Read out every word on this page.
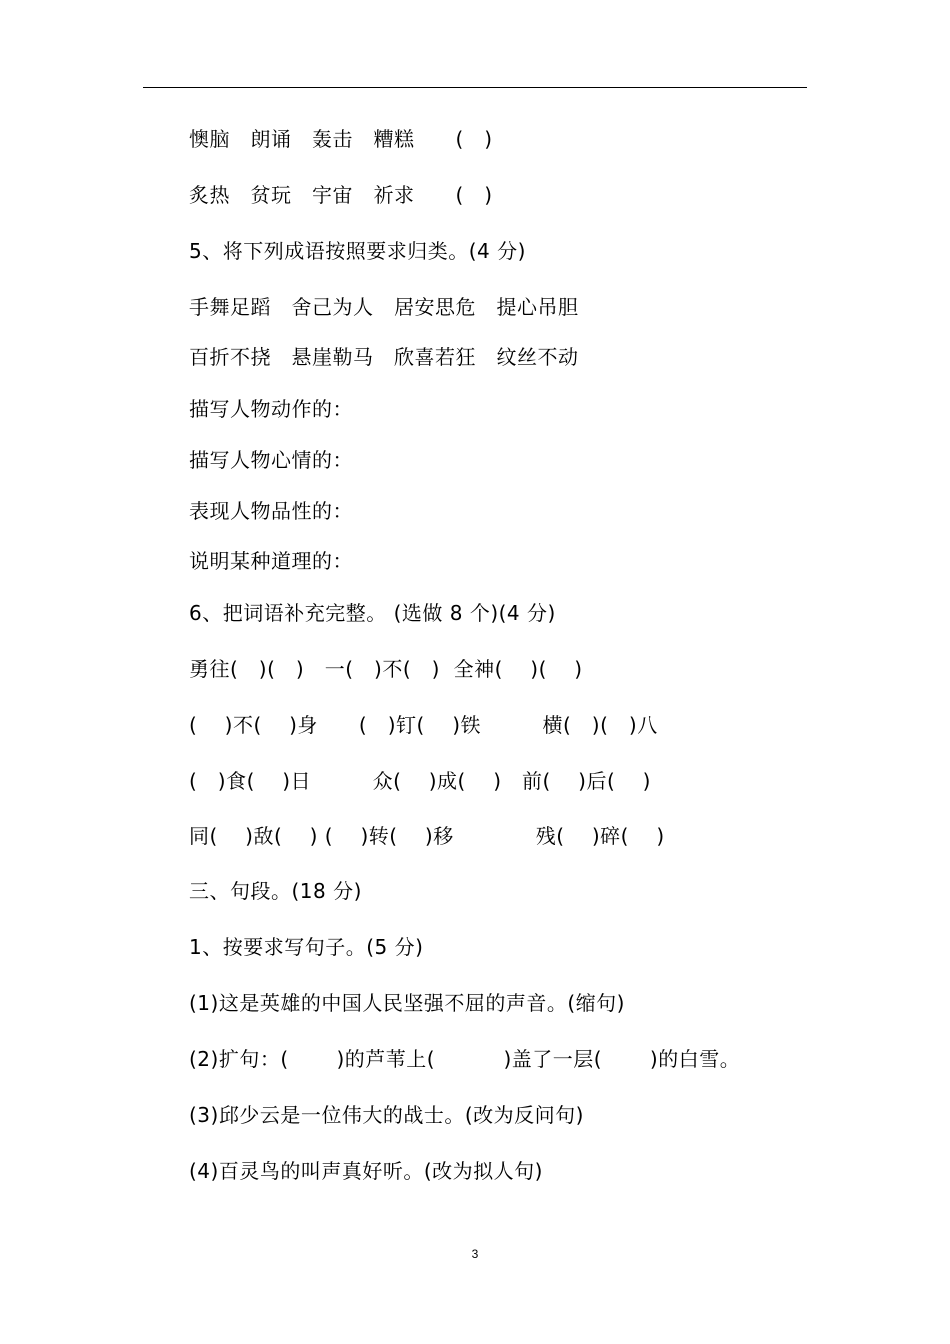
懊脑　朗诵　轰击　糟糕　　(　)
炙热　贫玩　宇宙　祈求　　(　)
5、将下列成语按照要求归类。(4 分)
手舞足蹈　舍己为人　居安思危　提心吊胆
百折不挠　悬崖勒马　欣喜若狂　纹丝不动
描写人物动作的：
描写人物心情的：
表现人物品性的：
说明某种道理的：
6、把词语补充完整。 (选做 8 个)(4 分)
勇往(　)(　)　一(　)不(　)  全神(　 )(　 )
(　 )不(　 )身　　(　)钉(　 )铁　　　横(　)(　)八
(　)食(　 )日　　　众(　 )成(　 )　前(　 )后(　 )
同(　 )敌(　 ) (　 )转(　 )移　　　　残(　 )碎(　 )
三、句段。(18 分)
1、按要求写句子。(5 分)
(1)这是英雄的中国人民坚强不屈的声音。(缩句)
(2)扩句：(　　 )的芦苇上(　　 　)盖了一层(　　 )的白雪。
(3)邱少云是一位伟大的战士。(改为反问句)
(4)百灵鸟的叫声真好听。(改为拟人句)
3
